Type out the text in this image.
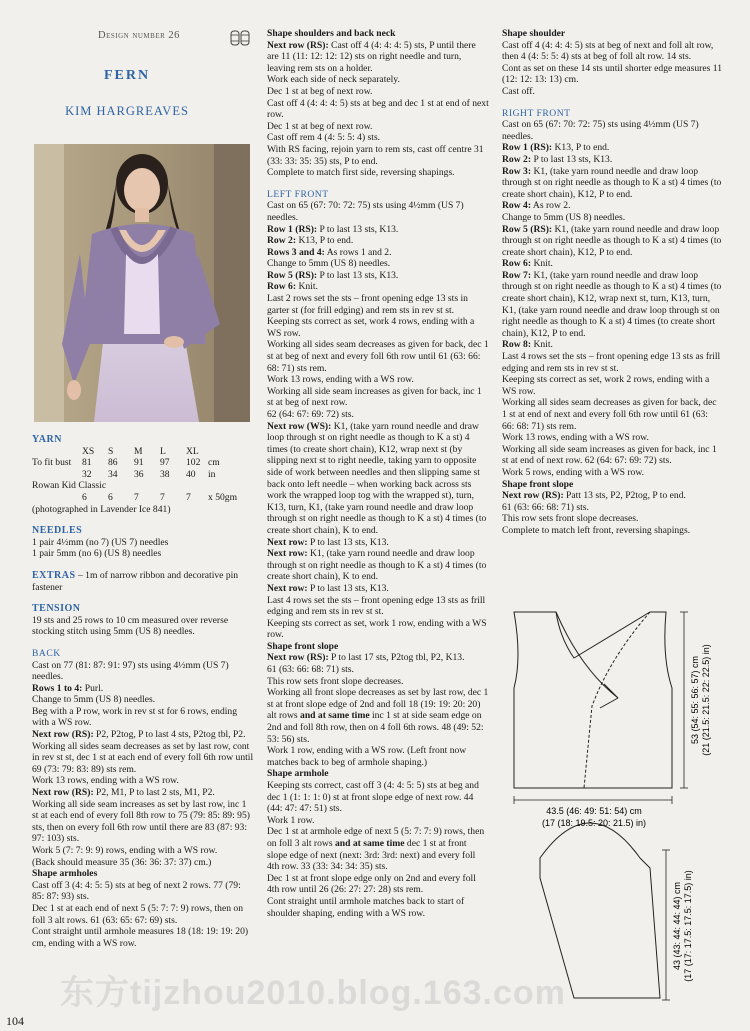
Design number 26
FERN
KIM HARGREAVES

YARN

	XS	S	M	L	XL	
To fit bust	81	86	91	97	102	cm
	32	34	36	38	40	in
Rowan Kid Classic						
	6	6	7	7	7	x 50gm

(photographed in Lavender Ice 841)

NEEDLES

1 pair 4½mm (no 7) (US 7) needles

1 pair 5mm (no 6) (US 8) needles

EXTRAS – 1m of narrow ribbon and decorative pin fastener

TENSION

19 sts and 25 rows to 10 cm measured over reverse stocking stitch using 5mm (US 8) needles.

BACK

Cast on 77 (81: 87: 91: 97) sts using 4½mm (US 7) needles.

Rows 1 to 4: Purl.

Change to 5mm (US 8) needles.

Beg with a P row, work in rev st st for 6 rows, ending with a WS row.

Next row (RS): P2, P2tog, P to last 4 sts, P2tog tbl, P2.

Working all sides seam decreases as set by last row, cont in rev st st, dec 1 st at each end of every foll 6th row until 69 (73: 79: 83: 89) sts rem.

Work 13 rows, ending with a WS row.

Next row (RS): P2, M1, P to last 2 sts, M1, P2.

Working all side seam increases as set by last row, inc 1 st at each end of every foll 8th row to 75 (79: 85: 89: 95) sts, then on every foll 6th row until there are 83 (87: 93: 97: 103) sts.

Work 5 (7: 7: 9: 9) rows, ending with a WS row.

(Back should measure 35 (36: 36: 37: 37) cm.)

Shape armholes

Cast off 3 (4: 4: 5: 5) sts at beg of next 2 rows. 77 (79: 85: 87: 93) sts.

Dec 1 st at each end of next 5 (5: 7: 7: 9) rows, then on foll 3 alt rows. 61 (63: 65: 67: 69) sts.

Cont straight until armhole measures 18 (18: 19: 19: 20) cm, ending with a WS row.

Shape shoulders and back neck

Next row (RS): Cast off 4 (4: 4: 4: 5) sts, P until there are 11 (11: 12: 12: 12) sts on right needle and turn, leaving rem sts on a holder.

Work each side of neck separately.

Dec 1 st at beg of next row.

Cast off 4 (4: 4: 4: 5) sts at beg and dec 1 st at end of next row.

Dec 1 st at beg of next row.

Cast off rem 4 (4: 5: 5: 4) sts.

With RS facing, rejoin yarn to rem sts, cast off centre 31 (33: 33: 35: 35) sts, P to end.

Complete to match first side, reversing shapings.

LEFT FRONT

Cast on 65 (67: 70: 72: 75) sts using 4½mm (US 7) needles.

Row 1 (RS): P to last 13 sts, K13.

Row 2: K13, P to end.

Rows 3 and 4: As rows 1 and 2.

Change to 5mm (US 8) needles.

Row 5 (RS): P to last 13 sts, K13.

Row 6: Knit.

Last 2 rows set the sts – front opening edge 13 sts in garter st (for frill edging) and rem sts in rev st st.

Keeping sts correct as set, work 4 rows, ending with a WS row.

Working all sides seam decreases as given for back, dec 1 st at beg of next and every foll 6th row until 61 (63: 66: 68: 71) sts rem.

Work 13 rows, ending with a WS row.

Working all side seam increases as given for back, inc 1 st at beg of next row.

62 (64: 67: 69: 72) sts.

Next row (WS): K1, (take yarn round needle and draw loop through st on right needle as though to K a st) 4 times (to create short chain), K12, wrap next st (by slipping next st to right needle, taking yarn to opposite side of work between needles and then slipping same st back onto left needle – when working back across sts work the wrapped loop tog with the wrapped st), turn, K13, turn, K1, (take yarn round needle and draw loop through st on right needle as though to K a st) 4 times (to create short chain), K to end.

Next row: P to last 13 sts, K13.

Next row: K1, (take yarn round needle and draw loop through st on right needle as though to K a st) 4 times (to create short chain), K to end.

Next row: P to last 13 sts, K13.

Last 4 rows set the sts – front opening edge 13 sts as frill edging and rem sts in rev st st.

Keeping sts correct as set, work 1 row, ending with a WS row.

Shape front slope

Next row (RS): P to last 17 sts, P2tog tbl, P2, K13.

61 (63: 66: 68: 71) sts.

This row sets front slope decreases.

Working all front slope decreases as set by last row, dec 1 st at front slope edge of 2nd and foll 18 (19: 19: 20: 20) alt rows and at same time inc 1 st at side seam edge on 2nd and foll 8th row, then on 4 foll 6th rows. 48 (49: 52: 53: 56) sts.

Work 1 row, ending with a WS row. (Left front now matches back to beg of armhole shaping.)

Shape armhole

Keeping sts correct, cast off 3 (4: 4: 5: 5) sts at beg and dec 1 (1: 1: 1: 0) st at front slope edge of next row. 44 (44: 47: 47: 51) sts.

Work 1 row.

Dec 1 st at armhole edge of next 5 (5: 7: 7: 9) rows, then on foll 3 alt rows and at same time dec 1 st at front slope edge of next (next: 3rd: 3rd: next) and every foll 4th row. 33 (33: 34: 34: 35) sts.

Dec 1 st at front slope edge only on 2nd and every foll 4th row until 26 (26: 27: 27: 28) sts rem.

Cont straight until armhole matches back to start of shoulder shaping, ending with a WS row.

Shape shoulder

Cast off 4 (4: 4: 4: 5) sts at beg of next and foll alt row, then 4 (4: 5: 5: 4) sts at beg of foll alt row. 14 sts.

Cont as set on these 14 sts until shorter edge measures 11 (12: 12: 13: 13) cm.

Cast off.

RIGHT FRONT

Cast on 65 (67: 70: 72: 75) sts using 4½mm (US 7) needles.

Row 1 (RS): K13, P to end.

Row 2: P to last 13 sts, K13.

Row 3: K1, (take yarn round needle and draw loop through st on right needle as though to K a st) 4 times (to create short chain), K12, P to end.

Row 4: As row 2.

Change to 5mm (US 8) needles.

Row 5 (RS): K1, (take yarn round needle and draw loop through st on right needle as though to K a st) 4 times (to create short chain), K12, P to end.

Row 6: Knit.

Row 7: K1, (take yarn round needle and draw loop through st on right needle as though to K a st) 4 times (to create short chain), K12, wrap next st, turn, K13, turn, K1, (take yarn round needle and draw loop through st on right needle as though to K a st) 4 times (to create short chain), K12, P to end.

Row 8: Knit.

Last 4 rows set the sts – front opening edge 13 sts as frill edging and rem sts in rev st st.

Keeping sts correct as set, work 2 rows, ending with a WS row.

Working all sides seam decreases as given for back, dec 1 st at end of next and every foll 6th row until 61 (63: 66: 68: 71) sts rem.

Work 13 rows, ending with a WS row.

Working all side seam increases as given for back, inc 1 st at end of next row. 62 (64: 67: 69: 72) sts.

Work 5 rows, ending with a WS row.

Shape front slope

Next row (RS): Patt 13 sts, P2, P2tog, P to end.

61 (63: 66: 68: 71) sts.

This row sets front slope decreases.

Complete to match left front, reversing shapings.

43.5 (46: 49: 51: 54) cm
(17 (18: 19.5: 20: 21.5) in)
53 (54: 55: 56: 57) cm (21 (21.5: 21.5: 22: 22.5) in)
43 (43: 44: 44: 44) cm (17 (17: 17.5: 17.5: 17.5) in)
东方tijzhou2010.blog.163.com
104
